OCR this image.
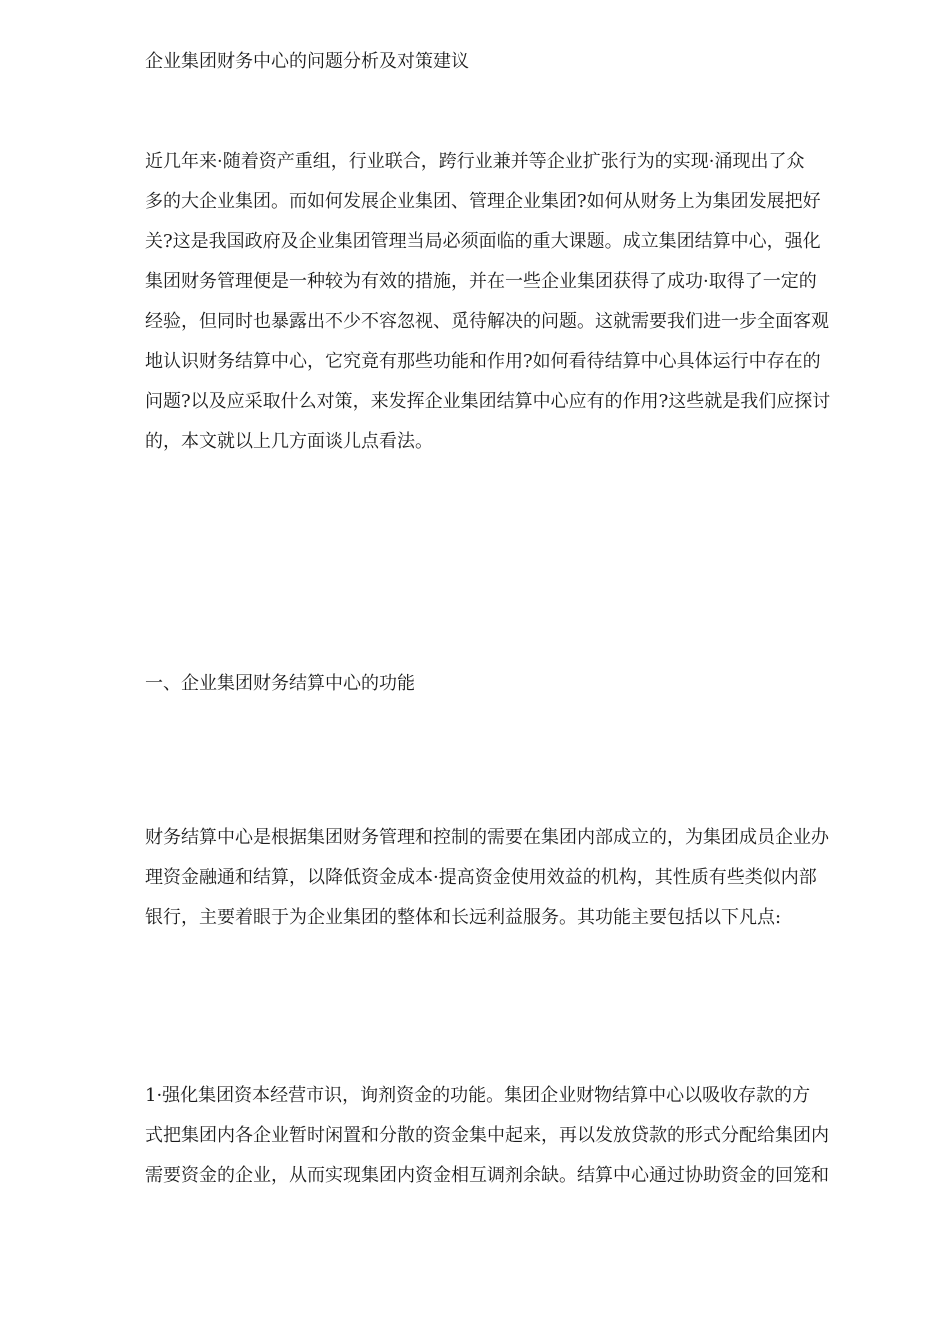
企业集团财务中心的问题分析及对策建议

近几年来·随着资产重组，行业联合，跨行业兼并等企业扩张行为的实现·涌现出了众
多的大企业集团。而如何发展企业集团、管理企业集团?如何从财务上为集团发展把好
关?这是我国政府及企业集团管理当局必须面临的重大课题。成立集团结算中心，强化
集团财务管理便是一种较为有效的措施，并在一些企业集团获得了成功·取得了一定的
经验，但同时也暴露出不少不容忽视、觅待解决的问题。这就需要我们进一步全面客观
地认识财务结算中心，它究竟有那些功能和作用?如何看待结算中心具体运行中存在的
问题?以及应采取什么对策，来发挥企业集团结算中心应有的作用?这些就是我们应探讨
的，本文就以上几方面谈儿点看法。

一、企业集团财务结算中心的功能

财务结算中心是根据集团财务管理和控制的需要在集团内部成立的，为集团成员企业办
理资金融通和结算，以降低资金成本·提高资金使用效益的机构，其性质有些类似内部
银行，主要着眼于为企业集团的整体和长远利益服务。其功能主要包括以下凡点:

1·强化集团资本经营市识，询剂资金的功能。集团企业财物结算中心以吸收存款的方
式把集团内各企业暂时闲置和分散的资金集中起来，再以发放贷款的形式分配给集团内
需要资金的企业，从而实现集团内资金相互调剂余缺。结算中心通过协助资金的回笼和
